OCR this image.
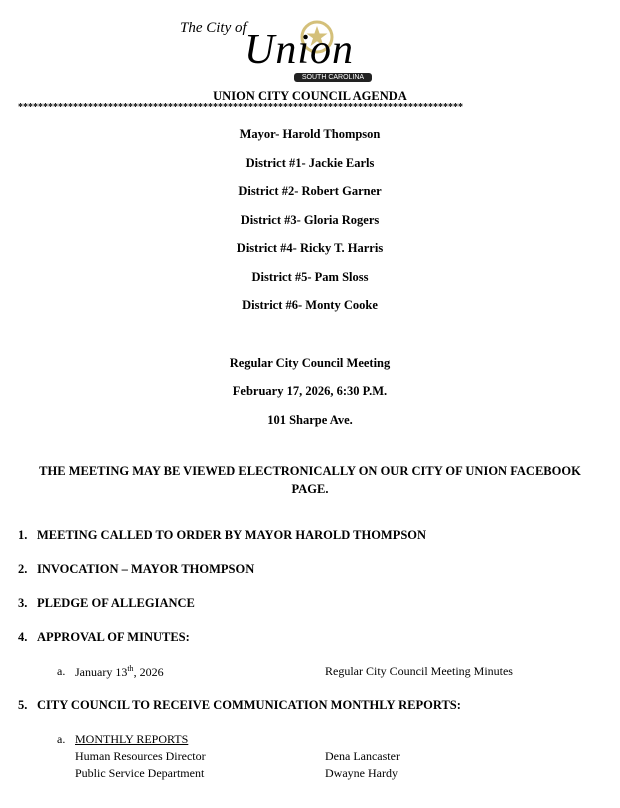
The City of
Union
SOUTH CAROLINA
UNION CITY COUNCIL AGENDA
*****************************************************************************************
Mayor- Harold Thompson
District #1- Jackie Earls
District #2- Robert Garner
District #3- Gloria Rogers
District #4- Ricky T. Harris
District #5- Pam Sloss
District #6- Monty Cooke
Regular City Council Meeting
February 17, 2026, 6:30 P.M.
101 Sharpe Ave.
THE MEETING MAY BE VIEWED ELECTRONICALLY ON OUR CITY OF UNION FACEBOOK
PAGE.
1. MEETING CALLED TO ORDER BY MAYOR HAROLD THOMPSON
2. INVOCATION – MAYOR THOMPSON
3. PLEDGE OF ALLEGIANCE
4. APPROVAL OF MINUTES:
a. January 13th, 2026	Regular City Council Meeting Minutes
5. CITY COUNCIL TO RECEIVE COMMUNICATION MONTHLY REPORTS:
a. MONTHLY REPORTS
Human Resources Director	Dena Lancaster
Public Service Department	Dwayne Hardy
